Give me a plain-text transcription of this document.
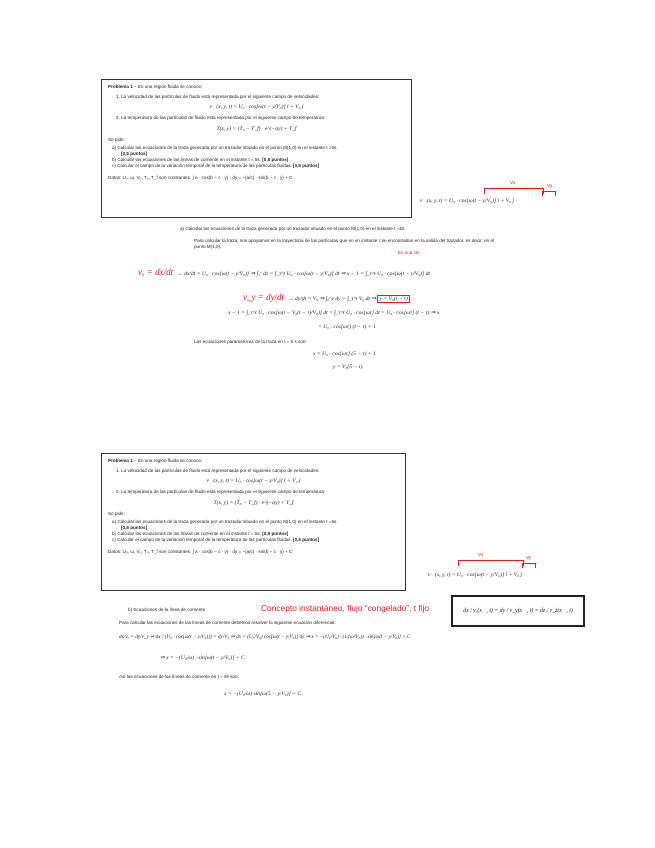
Problema 1 – En una región fluida se conoce:
1. La velocidad de las partículas de fluido está representada por el siguiente campo de velocidades:
v⃗(x, y, t) = U₀ · cos[ω(t − y/V₀)] î + V₀ ĵ
2. La temperatura de las partículas de fluido está representada por el siguiente campo de temperatura:
T(x, y) = (T₀ − T_f) · e^(−αy) + T_f
Se pide:
a) Calcular las ecuaciones de la traza generada por un trazador situado en el punto M(1,0) en el instante t =5s.
[0,5 puntos]
b) Calcular las ecuaciones de las líneas de corriente en el instante t = 5s. [0,5 puntos]
c) Calcular el campo de la variación temporal de la temperatura de las partículas fluidas. [0,5 puntos]
Datos: U₀, ω, V₀, T₀, T_f son constantes. ∫ a · cos(b − c · y) · dy = −(a/c) · sin(b − c · y) + C
Vx
Vy
v⃗(x, y, t) = U₀ · cos[ω(t − y/V₀)] î + V₀ ĵ
a) Calcular las ecuaciones de la traza generada por un trazador situado en el punto M(1,0) en el instante t =5s
Para calcular la traza, nos apoyamos en la trayectoria de las partículas que en un instante τ se encontraban en la salida del trazador, es decir, en el punto M(1,0).
Es una cte
vₓ = dx/dt → dx/dt = U₀ · cos[ω(t − y/V₀)] ⇒ ∫₁ˣ dx = ∫_τ^t U₀ · cos[ω(t − y/V₀)] dt ⇒ x − 1 = ∫_τ^t U₀ · cos[ω(t − y/V₀)] dt
v_y = dy/dt → dy/dt = V₀ ⇒ ∫₀^y dy = ∫_τ^t V₀ dt ⇒ y = V₀(t − τ)
x − 1 = ∫_τ^t U₀ · cos[ω(t − V₀(t − τ)/V₀)] dt = ∫_τ^t U₀ · cos[ωτ] dt = U₀ · cos[ωτ] (t − τ) ⇒ x
= U₀ · cos[ωτ] (t − τ) + 1
Las ecuaciones paramétricas de la traza en t = 5 s son:
x = U₀ · cos[ωτ] (5 − τ) + 1
y = V₀(5 − τ)
Problema 1 – En una región fluida se conoce:
1. La velocidad de las partículas de fluido está representada por el siguiente campo de velocidades:
v⃗(x, y, t) = U₀ · cos[ω(t − y/V₀)] î + V₀ ĵ
2. La temperatura de las partículas de fluido está representada por el siguiente campo de temperatura:
T(x, y) = (T₀ − T_f) · e^(−αy) + T_f
Se pide:
a) Calcular las ecuaciones de la traza generada por un trazador situado en el punto M(1,0) en el instante t =5s.
[0,5 puntos]
b) Calcular las ecuaciones de las líneas de corriente en el instante t = 5s. [0,5 puntos]
c) Calcular el campo de la variación temporal de la temperatura de las partículas fluidas. [0,5 puntos]
Datos: U₀, ω, V₀, T₀, T_f son constantes. ∫ a · cos(b − c · y) · dy = −(a/c) · sin(b − c · y) + C
Vx
Vy
v⃗(x, y, t) = U₀ · cos[ω(t − y/V₀)] î + V₀ ĵ
b) Ecuaciones de la línea de corriente	Concepto instantáneo, flujo “congelado”, t fijo	dx / vₓ(x⃗, t) = dy / v_y(x⃗, t) = dz / v_z(x⃗, t)
Para calcular las ecuaciones de las líneas de corriente debemos resolver la siguiente ecuación diferencial:
dx/vₓ = dy/v_y ⇒ dx / (U₀ · cos[ω(t − y/V₀)]) = dy/V₀ ⇒ dx = (U₀/V₀) cos[ω(t − y/V₀)] dy ⇒ x = −(U₀/V₀) · (1/(ω/V₀)) · sin[ω(t − y/V₀)] + C
⇒ x = −(U₀/ω) · sin[ω(t − y/V₀)] + C
Así las ecuaciones de las líneas de corriente en t = 5s son:
x = −(U₀/ω) sin[ω(5 − y/V₀)] + C
